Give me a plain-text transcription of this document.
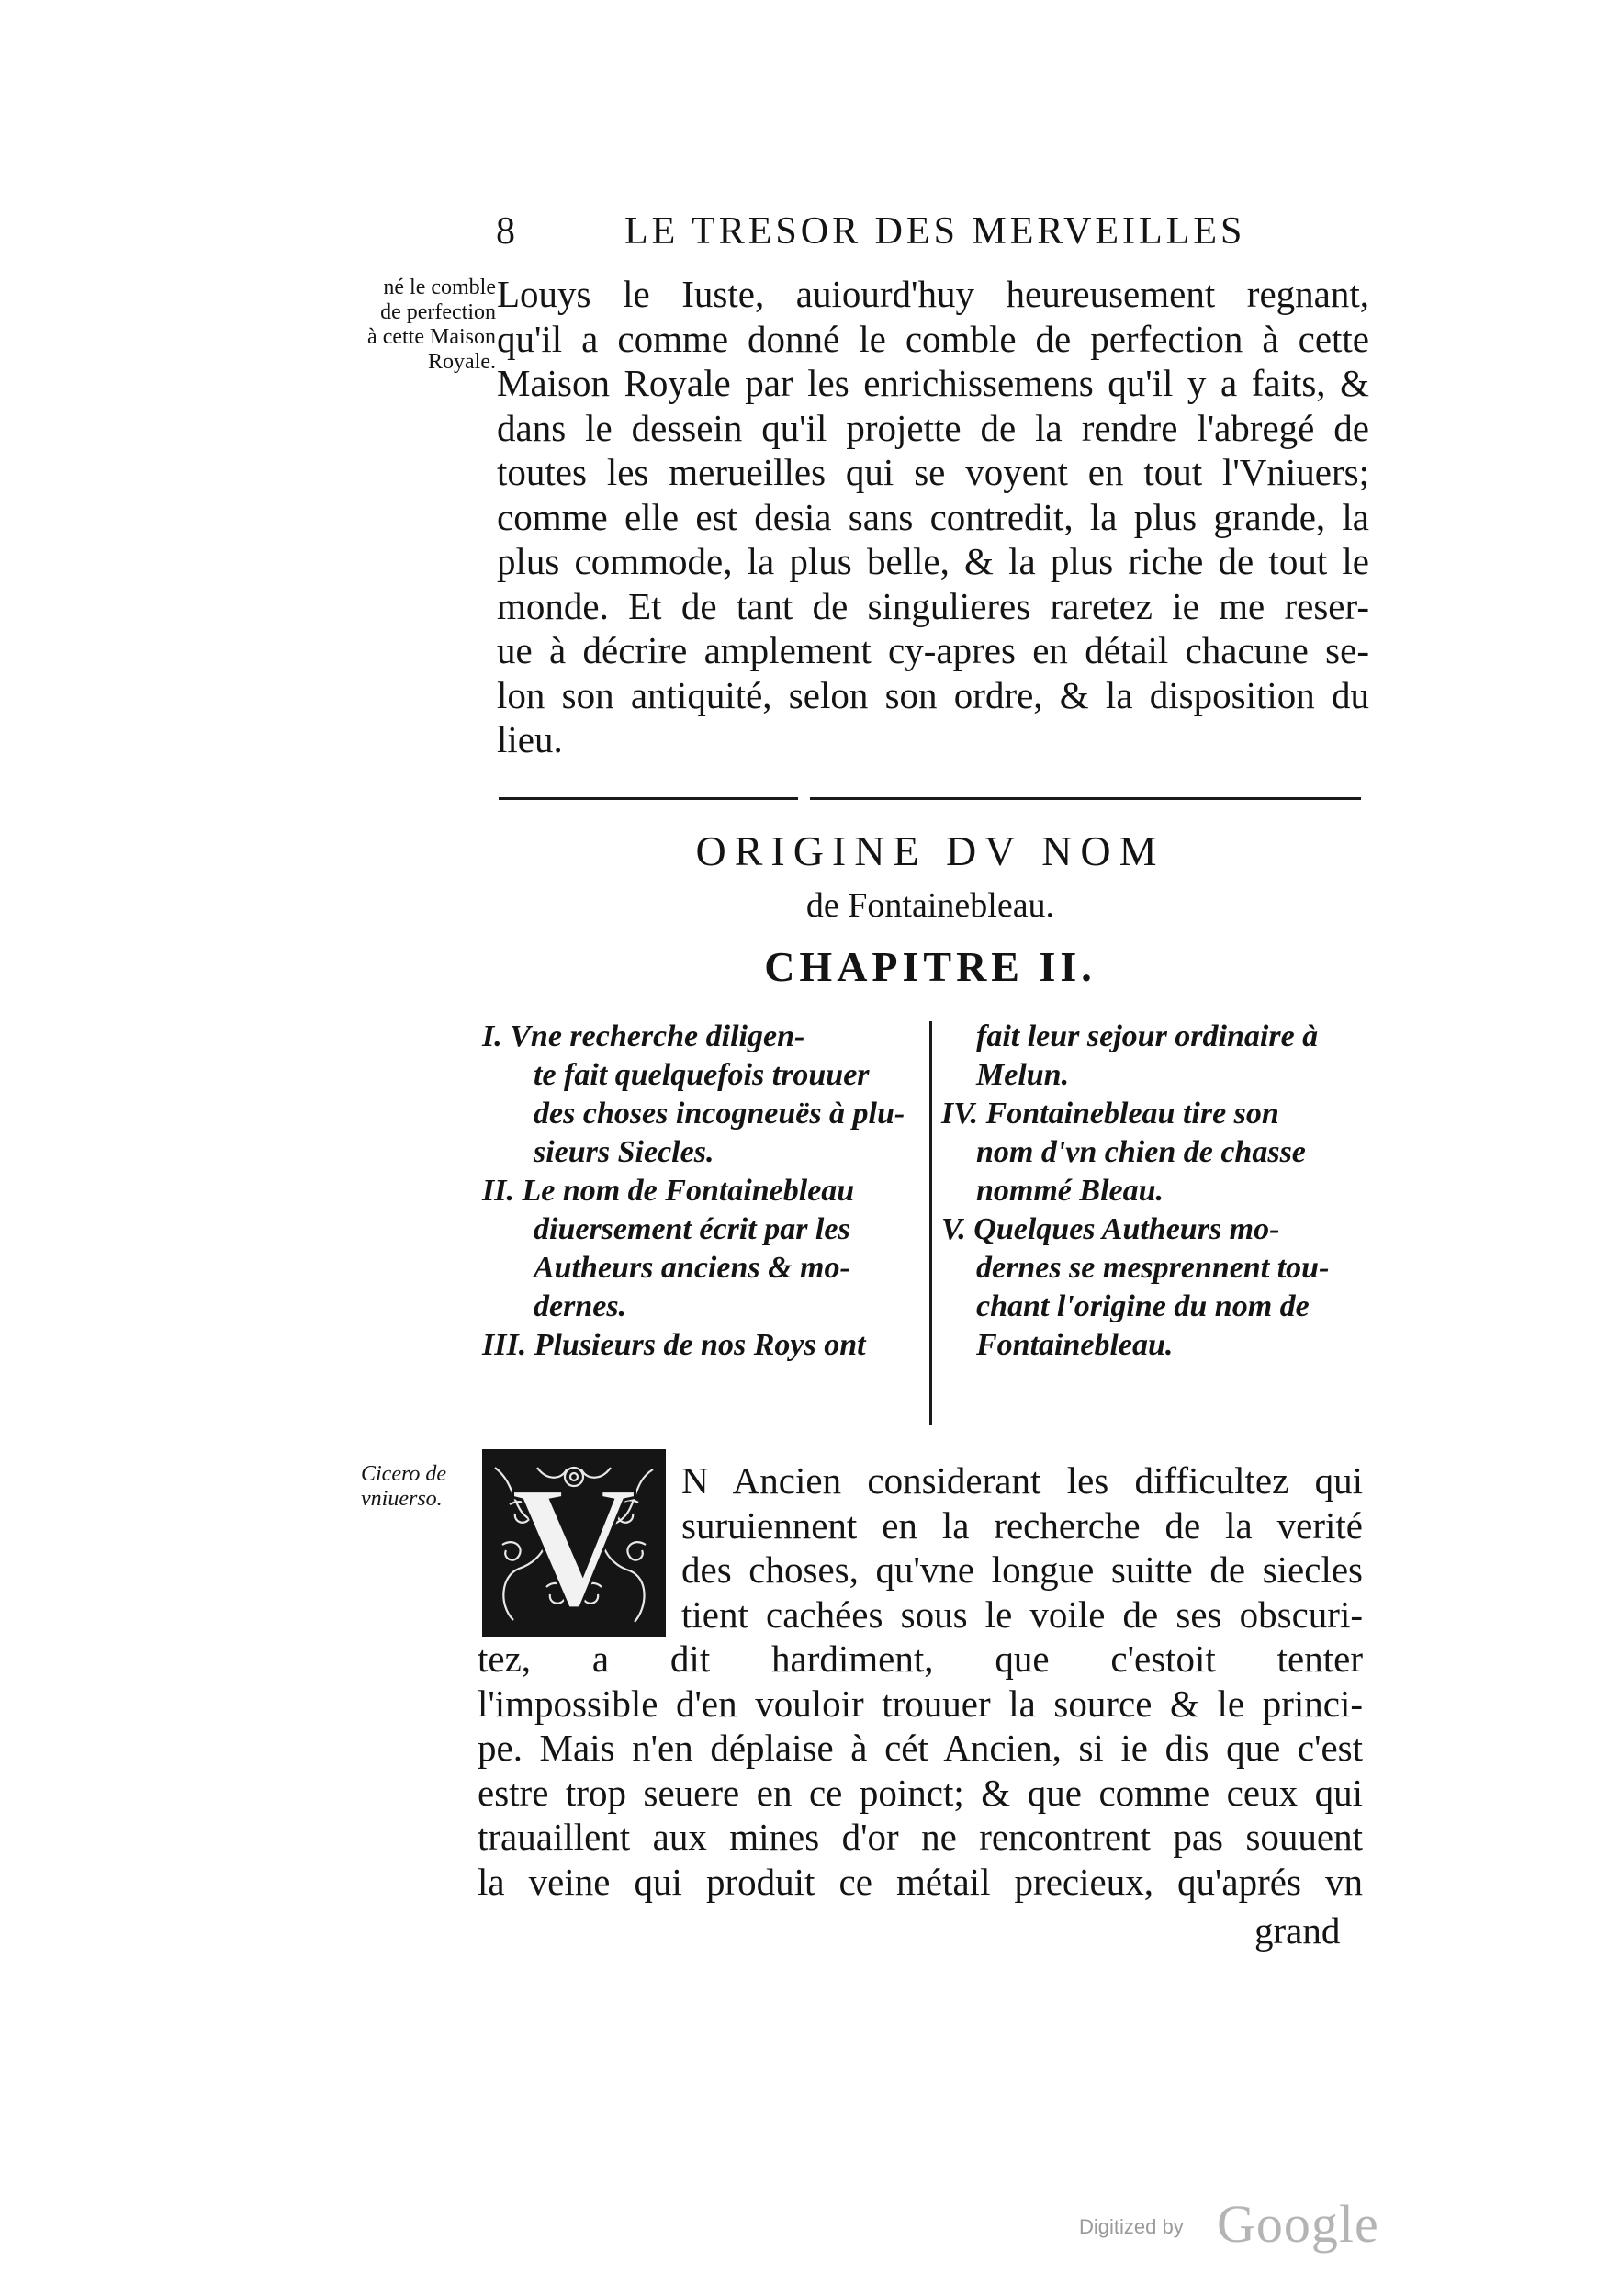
8	LE TRESOR DES MERVEILLES
né le comble de perfection à cette Maison Royale.
Louys le Iuste, auiourd'huy heureusement regnant,
qu'il a comme donné le comble de perfection à cette
Maison Royale par les enrichissemens qu'il y a faits, &
dans le dessein qu'il projette de la rendre l'abregé de
toutes les merueilles qui se voyent en tout l'Vniuers;
comme elle est desia sans contredit, la plus grande, la
plus commode, la plus belle, & la plus riche de tout le
monde. Et de tant de singulieres raretez ie me reser-
ue à décrire amplement cy-apres en détail chacune se-
lon son antiquité, selon son ordre, & la disposition du
lieu.
ORIGINE DV NOM
de Fontainebleau.
CHAPITRE II.
I. Vne recherche diligen-
te fait quelquefois trouuer
des choses incogneuës à plu-
sieurs Siecles.
II. Le nom de Fontainebleau
diuersement écrit par les
Autheurs anciens & mo-
dernes.
III. Plusieurs de nos Roys ont
fait leur sejour ordinaire à
Melun.
IV. Fontainebleau tire son
nom d'vn chien de chasse
nommé Bleau.
V. Quelques Autheurs mo-
dernes se mesprennent tou-
chant l'origine du nom de
Fontainebleau.
Cicero de vniuerso. V N Ancien considerant les difficultez qui
suruiennent en la recherche de la verité
des choses, qu'vne longue suitte de siecles
tient cachées sous le voile de ses obscuri-
tez, a dit hardiment, que c'estoit tenter
l'impossible d'en vouloir trouuer la source & le princi-
pe. Mais n'en déplaise à cét Ancien, si ie dis que c'est
estre trop seuere en ce poinct; & que comme ceux qui
trauaillent aux mines d'or ne rencontrent pas souuent
la veine qui produit ce métail precieux, qu'aprés vn
grand
Digitized by Google
